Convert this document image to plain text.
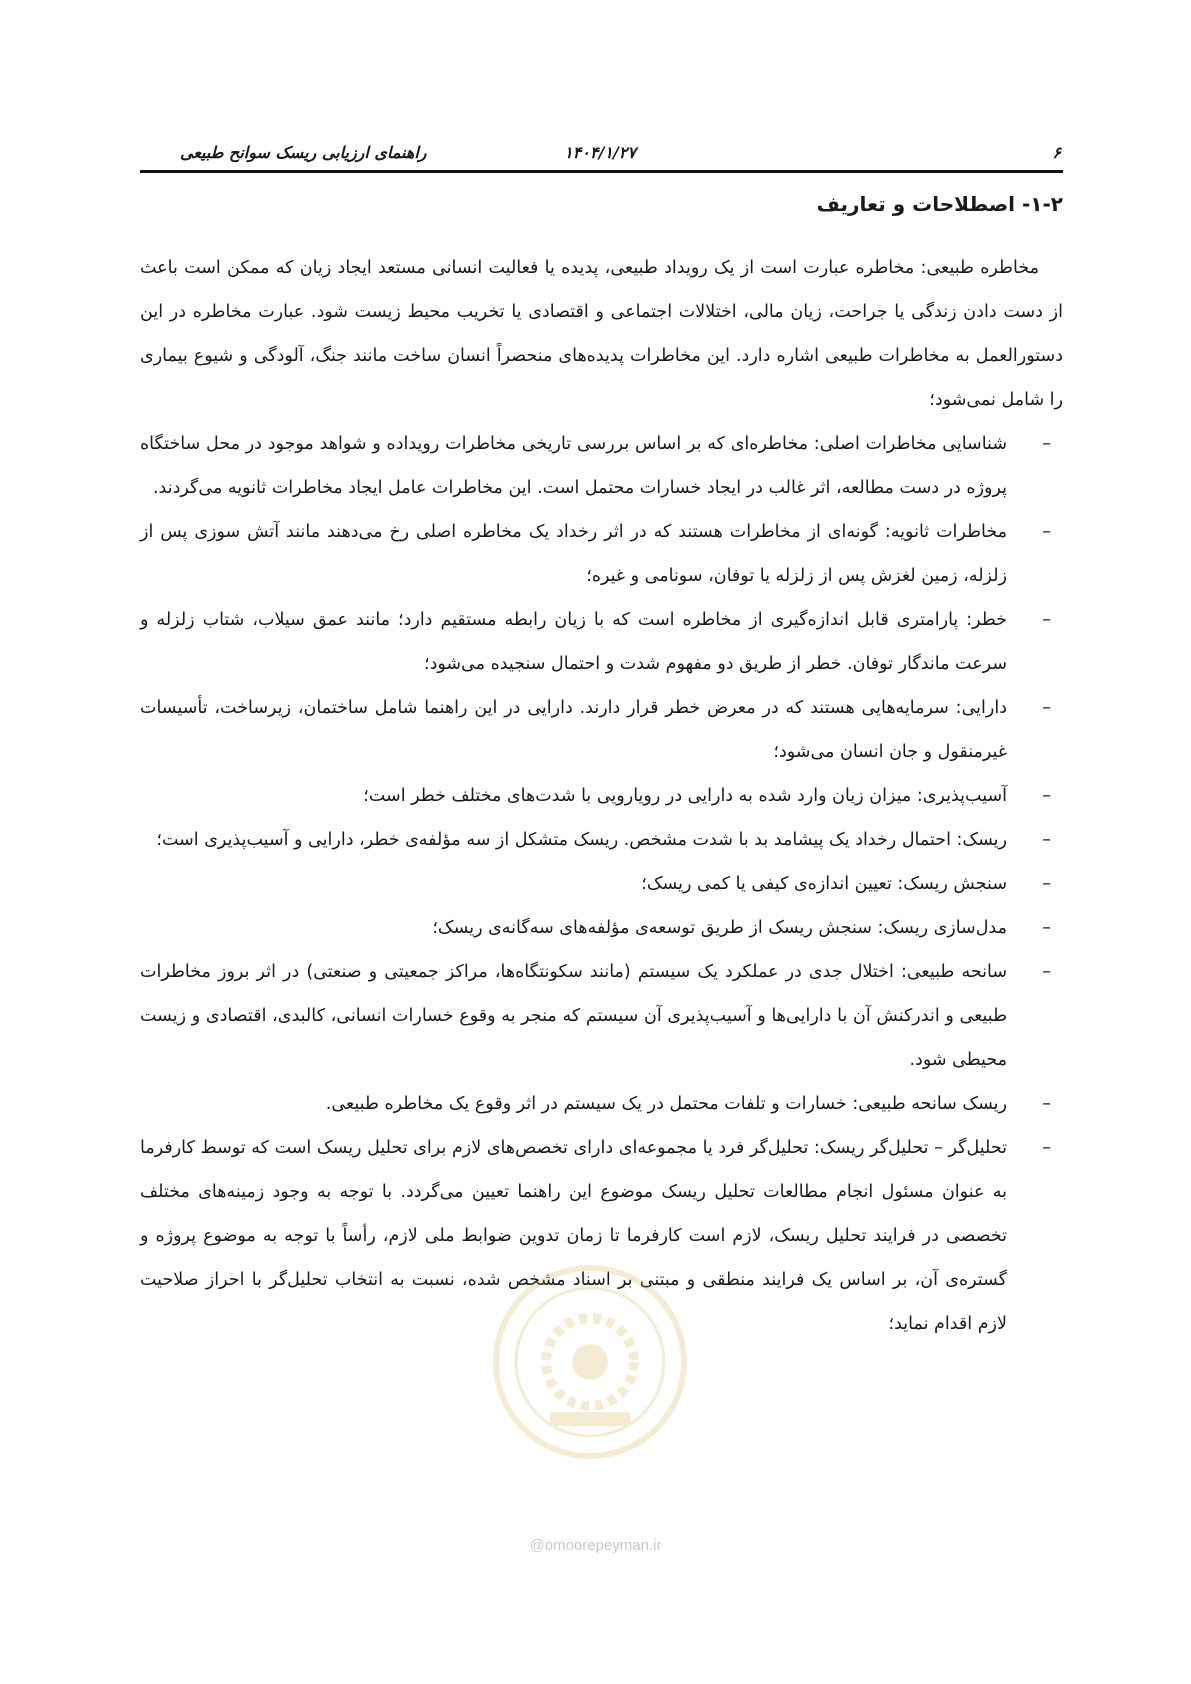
۶
۱۴۰۴/۱/۲۷
راهنمای ارزیابی ریسک سوانح طبیعی
۱-۲- اصطلاحات و تعاریف

مخاطره طبیعی: مخاطره عبارت است از یک رویداد طبیعی، پدیده یا فعالیت انسانی مستعد ایجاد زیان که ممکن است باعث از دست دادن زندگی یا جراحت، زیان مالی، اختلالات اجتماعی و اقتصادی یا تخریب محیط زیست شود. عبارت مخاطره در این دستورالعمل به مخاطرات طبیعی اشاره دارد. این مخاطرات پدیده‌های منحصراً انسان ساخت مانند جنگ، آلودگی و شیوع بیماری را شامل نمی‌شود؛

–
شناسایی مخاطرات اصلی: مخاطره‌ای که بر اساس بررسی تاریخی مخاطرات رویداده و شواهد موجود در محل ساختگاه پروژه در دست مطالعه، اثر غالب در ایجاد خسارات محتمل است. این مخاطرات عامل ایجاد مخاطرات ثانویه می‌گردند.
–
مخاطرات ثانویه: گونه‌ای از مخاطرات هستند که در اثر رخداد یک مخاطره اصلی رخ می‌دهند مانند آتش سوزی پس از زلزله، زمین لغزش پس از زلزله یا توفان، سونامی و غیره؛
–
خطر: پارامتری قابل اندازه‌گیری از مخاطره است که با زیان رابطه مستقیم دارد؛ مانند عمق سیلاب، شتاب زلزله و سرعت ماندگار توفان. خطر از طریق دو مفهوم شدت و احتمال سنجیده می‌شود؛
–
دارایی: سرمایه‌هایی هستند که در معرض خطر قرار دارند. دارایی در این راهنما شامل ساختمان، زیرساخت، تأسیسات غیرمنقول و جان انسان می‌شود؛
–
آسیب‌پذیری: میزان زیان وارد شده به دارایی در رویارویی با شدت‌های مختلف خطر است؛
–
ریسک: احتمال رخداد یک پیشامد بد با شدت مشخص. ریسک متشکل از سه مؤلفه‌ی خطر، دارایی و آسیب‌پذیری است؛
–
سنجش ریسک: تعیین اندازه‌ی کیفی یا کمی ریسک؛
–
مدل‌سازی ریسک: سنجش ریسک از طریق توسعه‌ی مؤلفه‌های سه‌گانه‌ی ریسک؛
–
سانحه طبیعی: اختلال جدی در عملکرد یک سیستم (مانند سکونتگاه‌ها، مراکز جمعیتی و صنعتی) در اثر بروز مخاطرات طبیعی و اندرکنش آن با دارایی‌ها و آسیب‌پذیری آن سیستم که منجر به وقوع خسارات انسانی، کالبدی، اقتصادی و زیست محیطی شود.
–
ریسک سانحه طبیعی: خسارات و تلفات محتمل در یک سیستم در اثر وقوع یک مخاطره طبیعی.
–
تحلیل‌گر – تحلیل‌گر ریسک: تحلیل‌گر فرد یا مجموعه‌ای دارای تخصص‌های لازم برای تحلیل ریسک است که توسط کارفرما به عنوان مسئول انجام مطالعات تحلیل ریسک موضوع این راهنما تعیین می‌گردد. با توجه به وجود زمینه‌های مختلف تخصصی در فرایند تحلیل ریسک، لازم است کارفرما تا زمان تدوین ضوابط ملی لازم، رأساً با توجه به موضوع پروژه و گستره‌ی آن، بر اساس یک فرایند منطقی و مبتنی بر اسناد مشخص شده، نسبت به انتخاب تحلیل‌گر با احراز صلاحیت لازم اقدام نماید؛
@omoorepeyman.ir
